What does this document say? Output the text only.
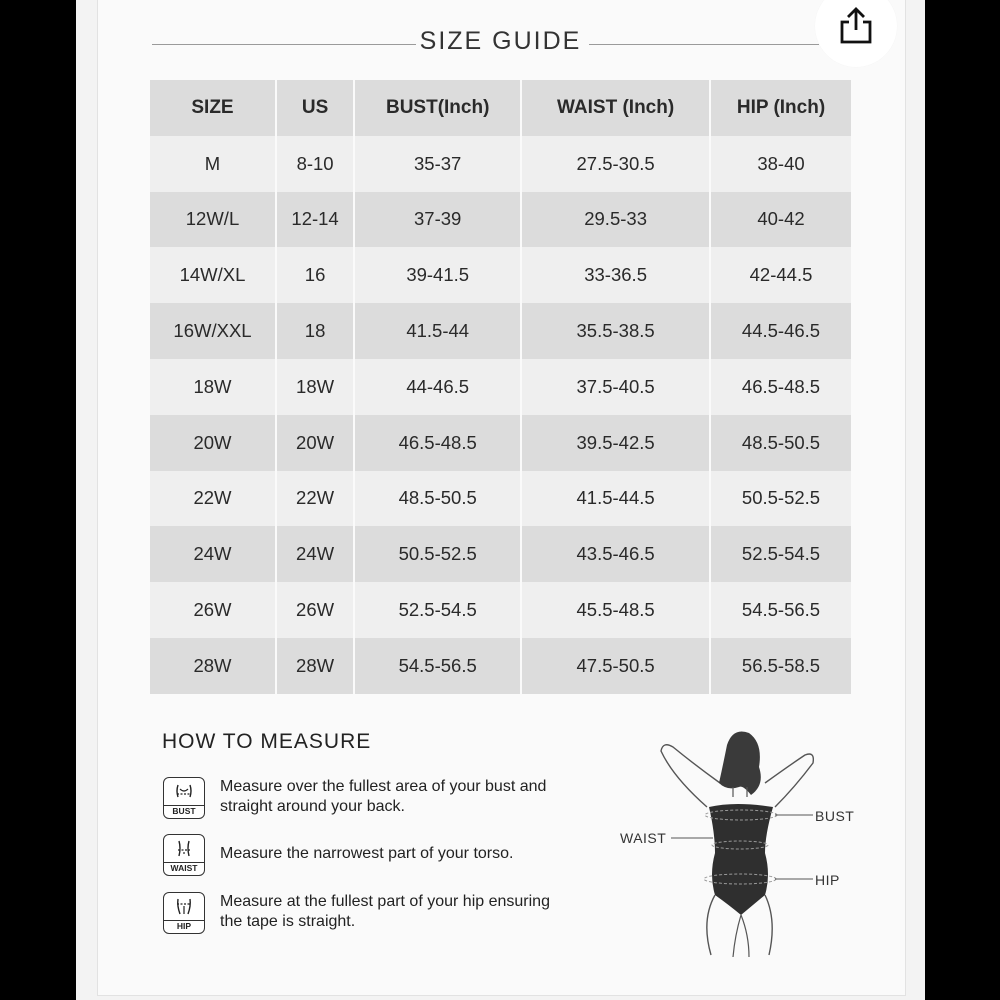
SIZE GUIDE
SIZE	US	BUST(Inch)	WAIST (Inch)	HIP (Inch)
M	8-10	35-37	27.5-30.5	38-40
12W/L	12-14	37-39	29.5-33	40-42
14W/XL	16	39-41.5	33-36.5	42-44.5
16W/XXL	18	41.5-44	35.5-38.5	44.5-46.5
18W	18W	44-46.5	37.5-40.5	46.5-48.5
20W	20W	46.5-48.5	39.5-42.5	48.5-50.5
22W	22W	48.5-50.5	41.5-44.5	50.5-52.5
24W	24W	50.5-52.5	43.5-46.5	52.5-54.5
26W	26W	52.5-54.5	45.5-48.5	54.5-56.5
28W	28W	54.5-56.5	47.5-50.5	56.5-58.5
HOW TO MEASURE
BUST
Measure over the fullest area of your bust and
straight around your back.
WAIST
Measure the narrowest part of your torso.
HIP
Measure at the fullest part of your hip ensuring
the tape is straight.
BUST
WAIST
HIP
